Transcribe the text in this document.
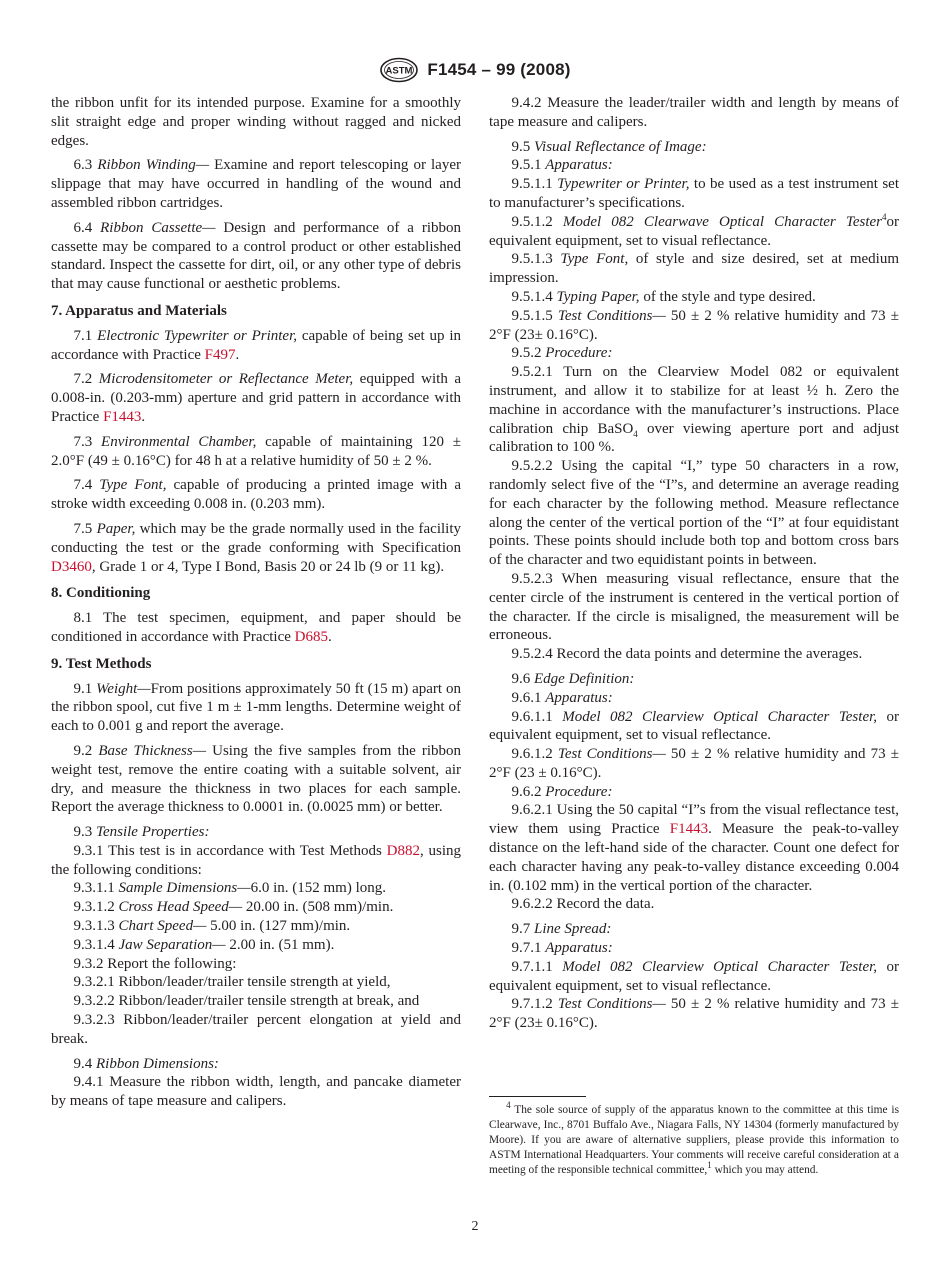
ASTM F1454 – 99 (2008)

the ribbon unfit for its intended purpose. Examine for a smoothly slit straight edge and proper winding without ragged and nicked edges.

6.3 Ribbon Winding— Examine and report telescoping or layer slippage that may have occurred in handling of the wound and assembled ribbon cartridges.

6.4 Ribbon Cassette— Design and performance of a ribbon cassette may be compared to a control product or other established standard. Inspect the cassette for dirt, oil, or any other type of debris that may cause functional or aesthetic problems.

7. Apparatus and Materials

7.1 Electronic Typewriter or Printer, capable of being set up in accordance with Practice F497.

7.2 Microdensitometer or Reflectance Meter, equipped with a 0.008-in. (0.203-mm) aperture and grid pattern in accordance with Practice F1443.

7.3 Environmental Chamber, capable of maintaining 120 ± 2.0°F (49 ± 0.16°C) for 48 h at a relative humidity of 50 ± 2 %.

7.4 Type Font, capable of producing a printed image with a stroke width exceeding 0.008 in. (0.203 mm).

7.5 Paper, which may be the grade normally used in the facility conducting the test or the grade conforming with Specification D3460, Grade 1 or 4, Type I Bond, Basis 20 or 24 lb (9 or 11 kg).

8. Conditioning

8.1 The test specimen, equipment, and paper should be conditioned in accordance with Practice D685.

9. Test Methods

9.1 Weight—From positions approximately 50 ft (15 m) apart on the ribbon spool, cut five 1 m ± 1-mm lengths. Determine weight of each to 0.001 g and report the average.

9.2 Base Thickness— Using the five samples from the ribbon weight test, remove the entire coating with a suitable solvent, air dry, and measure the thickness in two places for each sample. Report the average thickness to 0.0001 in. (0.0025 mm) or better.

9.3 Tensile Properties:

9.3.1 This test is in accordance with Test Methods D882, using the following conditions:

9.3.1.1 Sample Dimensions—6.0 in. (152 mm) long.

9.3.1.2 Cross Head Speed— 20.00 in. (508 mm)/min.

9.3.1.3 Chart Speed— 5.00 in. (127 mm)/min.

9.3.1.4 Jaw Separation— 2.00 in. (51 mm).

9.3.2 Report the following:

9.3.2.1 Ribbon/leader/trailer tensile strength at yield,

9.3.2.2 Ribbon/leader/trailer tensile strength at break, and

9.3.2.3 Ribbon/leader/trailer percent elongation at yield and break.

9.4 Ribbon Dimensions:

9.4.1 Measure the ribbon width, length, and pancake diameter by means of tape measure and calipers.

9.4.2 Measure the leader/trailer width and length by means of tape measure and calipers.

9.5 Visual Reflectance of Image:

9.5.1 Apparatus:

9.5.1.1 Typewriter or Printer, to be used as a test instrument set to manufacturer’s specifications.

9.5.1.2 Model 082 Clearwave Optical Character Tester$^4$or equivalent equipment, set to visual reflectance.

9.5.1.3 Type Font, of style and size desired, set at medium impression.

9.5.1.4 Typing Paper, of the style and type desired.

9.5.1.5 Test Conditions— 50 ± 2 % relative humidity and 73 ± 2°F (23± 0.16°C).

9.5.2 Procedure:

9.5.2.1 Turn on the Clearview Model 082 or equivalent instrument, and allow it to stabilize for at least ½ h. Zero the machine in accordance with the manufacturer’s instructions. Place calibration chip BaSO$_4$ over viewing aperture port and adjust calibration to 100 %.

9.5.2.2 Using the capital “I,” type 50 characters in a row, randomly select five of the “I”s, and determine an average reading for each character by the following method. Measure reflectance along the center of the vertical portion of the “I” at four equidistant points. These points should include both top and bottom cross bars of the character and two equidistant points in between.

9.5.2.3 When measuring visual reflectance, ensure that the center circle of the instrument is centered in the vertical portion of the character. If the circle is misaligned, the measurement will be erroneous.

9.5.2.4 Record the data points and determine the averages.

9.6 Edge Definition:

9.6.1 Apparatus:

9.6.1.1 Model 082 Clearview Optical Character Tester, or equivalent equipment, set to visual reflectance.

9.6.1.2 Test Conditions— 50 ± 2 % relative humidity and 73 ± 2°F (23 ± 0.16°C).

9.6.2 Procedure:

9.6.2.1 Using the 50 capital “I”s from the visual reflectance test, view them using Practice F1443. Measure the peak-to-valley distance on the left-hand side of the character. Count one defect for each character having any peak-to-valley distance exceeding 0.004 in. (0.102 mm) in the vertical portion of the character.

9.6.2.2 Record the data.

9.7 Line Spread:

9.7.1 Apparatus:

9.7.1.1 Model 082 Clearview Optical Character Tester, or equivalent equipment, set to visual reflectance.

9.7.1.2 Test Conditions— 50 ± 2 % relative humidity and 73 ± 2°F (23± 0.16°C).

$^4$ The sole source of supply of the apparatus known to the committee at this time is Clearwave, Inc., 8701 Buffalo Ave., Niagara Falls, NY 14304 (formerly manufactured by Moore). If you are aware of alternative suppliers, please provide this information to ASTM International Headquarters. Your comments will receive careful consideration at a meeting of the responsible technical committee,$^1$ which you may attend.

2
